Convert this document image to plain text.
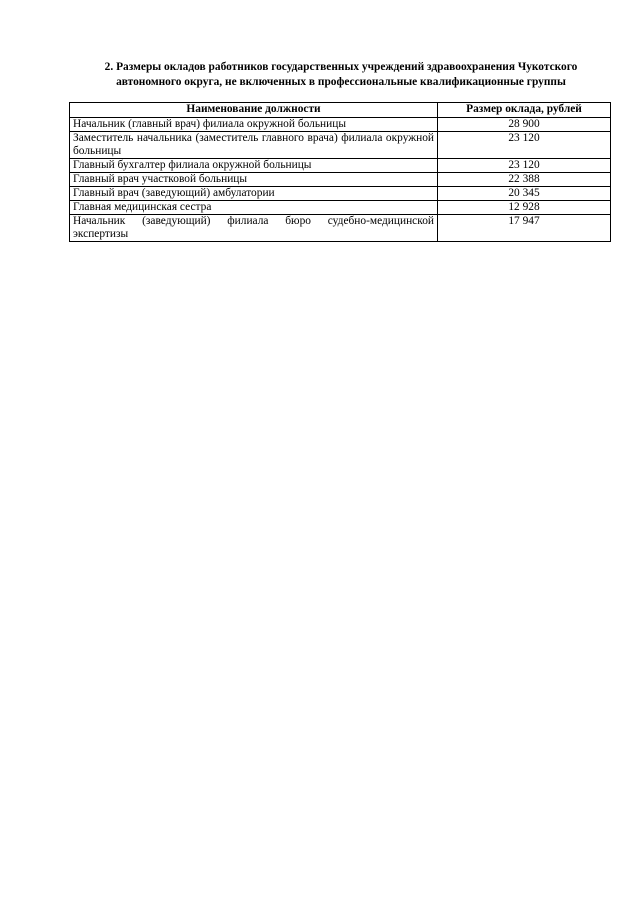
2. Размеры окладов работников государственных учреждений здравоохранения Чукотского
автономного округа, не включенных в профессиональные квалификационные группы
Наименование должности	Размер оклада, рублей
Начальник (главный врач) филиала окружной больницы	28 900
Заместитель начальника (заместитель главного врача) филиала окружной больницы	23 120
Главный бухгалтер филиала окружной больницы	23 120
Главный врач участковой больницы	22 388
Главный врач (заведующий) амбулатории	20 345
Главная медицинская сестра	12 928
Начальник (заведующий) филиала бюро судебно-медицинской экспертизы	17 947
